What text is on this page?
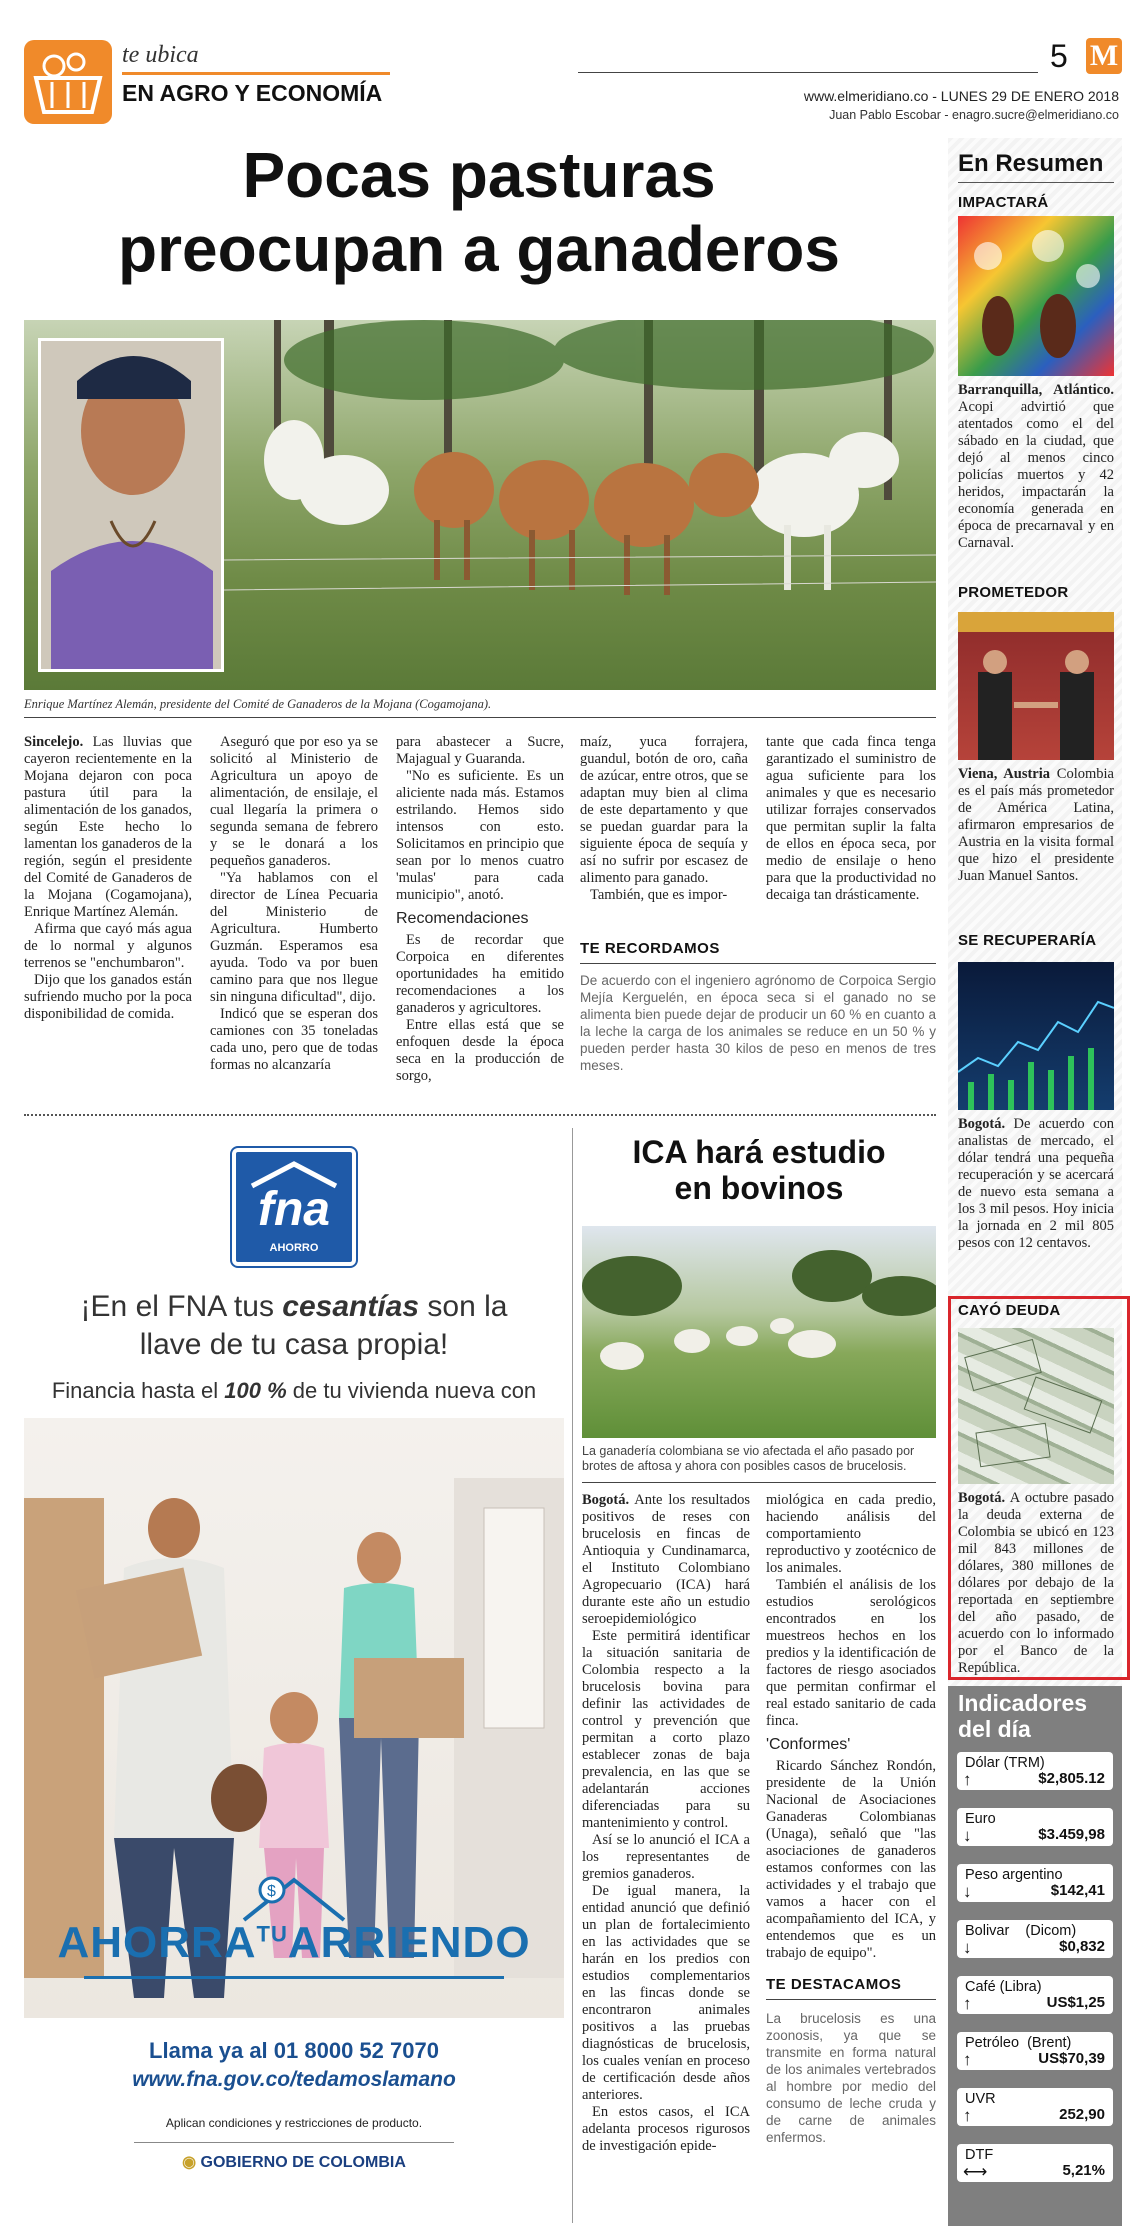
te ubica
EN AGRO Y ECONOMÍA
5 M
www.elmeridiano.co - LUNES 29 DE ENERO 2018
Juan Pablo Escobar - enagro.sucre@elmeridiano.co
Pocas pasturas
preocupan a ganaderos
Enrique Martínez Alemán, presidente del Comité de Ganaderos de la Mojana (Cogamojana).

Sincelejo. Las lluvias que cayeron recientemente en la Mojana dejaron con poca pastura útil para la alimentación de los ganados, según Este hecho lo lamentan los ganaderos de la región, según el presidente del Comité de Ganaderos de la Mojana (Cogamojana), Enrique Martínez Alemán.

Afirma que cayó más agua de lo normal y algunos terrenos se "enchumbaron".

Dijo que los ganados están sufriendo mucho por la poca disponibilidad de comida.

Aseguró que por eso ya se solicitó al Ministerio de Agricultura un apoyo de alimentación, de ensilaje, el cual llegaría la primera o segunda semana de febrero y se le donará a los pequeños ganaderos.

"Ya hablamos con el director de Línea Pecuaria del Ministerio de Agricultura. Humberto Guzmán. Esperamos esa ayuda. Todo va por buen camino para que nos llegue sin ninguna dificultad", dijo.

Indicó que se esperan dos camiones con 35 toneladas cada uno, pero que de todas formas no alcanzaría

para abastecer a Sucre, Majagual y Guaranda.

"No es suficiente. Es un aliciente nada más. Estamos estrilando. Hemos sido intensos con esto. Solicitamos en principio que sean por lo menos cuatro 'mulas' para cada municipio", anotó.

Recomendaciones

Es de recordar que Corpoica en diferentes oportunidades ha emitido recomendaciones a los ganaderos y agricultores.

Entre ellas está que se enfoquen desde la época seca en la producción de sorgo,

maíz, yuca forrajera, guandul, botón de oro, caña de azúcar, entre otros, que se adaptan muy bien al clima de este departamento y que se puedan guardar para la siguiente época de sequía y así no sufrir por escasez de alimento para ganado.

También, que es impor-

tante que cada finca tenga garantizado el suministro de agua suficiente para los animales y que es necesario utilizar forrajes conservados que permitan suplir la falta de ellos en época seca, por medio de ensilaje o heno para que la productividad no decaiga tan drásticamente.

TE RECORDAMOS

De acuerdo con el ingeniero agrónomo de Corpoica Sergio Mejía Kerguelén, en época seca si el ganado no se alimenta bien puede dejar de producir un 60 % en cuanto a la leche la carga de los animales se reduce en un 50 % y pueden perder hasta 30 kilos de peso en menos de tres meses.

fna
AHORRO
¡En el FNA tus cesantías son la
llave de tu casa propia!
Financia hasta el 100 % de tu vivienda nueva con
$
$AHORRA^{TU}ARRIENDO$
Llama ya al 01 8000 52 7070
www.fna.gov.co/tedamoslamano
Aplican condiciones y restricciones de producto.
◉ GOBIERNO DE COLOMBIA
ICA hará estudio
en bovinos
La ganadería colombiana se vio afectada el año pasado por brotes de aftosa y ahora con posibles casos de brucelosis.

Bogotá. Ante los resultados positivos de reses con brucelosis en fincas de Antioquia y Cundinamarca, el Instituto Colombiano Agropecuario (ICA) hará durante este año un estudio seroepidemiológico

Este permitirá identificar la situación sanitaria de Colombia respecto a la brucelosis bovina para definir las actividades de control y prevención que permitan a corto plazo establecer zonas de baja prevalencia, en las que se adelantarán acciones diferenciadas para su mantenimiento y control.

Así se lo anunció el ICA a los representantes de gremios ganaderos.

De igual manera, la entidad anunció que definió un plan de fortalecimiento en las actividades que se harán en los predios con estudios complementarios en las fincas donde se encontraron animales positivos a las pruebas diagnósticas de brucelosis, los cuales venían en proceso de certificación desde años anteriores.

En estos casos, el ICA adelanta procesos rigurosos de investigación epide-

miológica en cada predio, haciendo análisis del comportamiento reproductivo y zootécnico de los animales.

También el análisis de los estudios serológicos encontrados en los muestreos hechos en los predios y la identificación de factores de riesgo asociados que permitan confirmar el real estado sanitario de cada finca.

'Conformes'

Ricardo Sánchez Rondón, presidente de la Unión Nacional de Asociaciones Ganaderas Colombianas (Unaga), señaló que "las asociaciones de ganaderos estamos conformes con las actividades y el trabajo que vamos a hacer con el acompañamiento del ICA, y entendemos que es un trabajo de equipo".

TE DESTACAMOS

La brucelosis es una zoonosis, ya que se transmite en forma natural de los animales vertebrados al hombre por medio del consumo de leche cruda y de carne de animales enfermos.

En Resumen
IMPACTARÁ

Barranquilla, Atlántico. Acopi advirtió que atentados como el del sábado en la ciudad, que dejó al menos cinco policías muertos y 42 heridos, impactarán la economía generada en época de precarnaval y en Carnaval.

PROMETEDOR

Viena, Austria Colombia es el país más prometedor de América Latina, afirmaron empresarios de Austria en la visita formal que hizo el presidente Juan Manuel Santos.

SE RECUPERARÍA

Bogotá. De acuerdo con analistas de mercado, el dólar tendrá una pequeña recuperación y se acercará de nuevo esta semana a los 3 mil pesos. Hoy inicia la jornada en 2 mil 805 pesos con 12 centavos.

CAYÓ DEUDA

Bogotá. A octubre pasado la deuda externa de Colombia se ubicó en 123 mil 843 millones de dólares, 380 millones de dólares por debajo de la reportada en septiembre del año pasado, de acuerdo con lo informado por el Banco de la República.

Indicadores
del día
Dólar (TRM)
↑	$2,805.12
Euro
↓	$3.459,98
Peso argentino
↓	$142,41
Bolivar    (Dicom)
↓	$0,832
Café (Libra)
↑	US$1,25
Petróleo  (Brent)
↑	US$70,39
UVR
↑	252,90
DTF
⟷	5,21%
